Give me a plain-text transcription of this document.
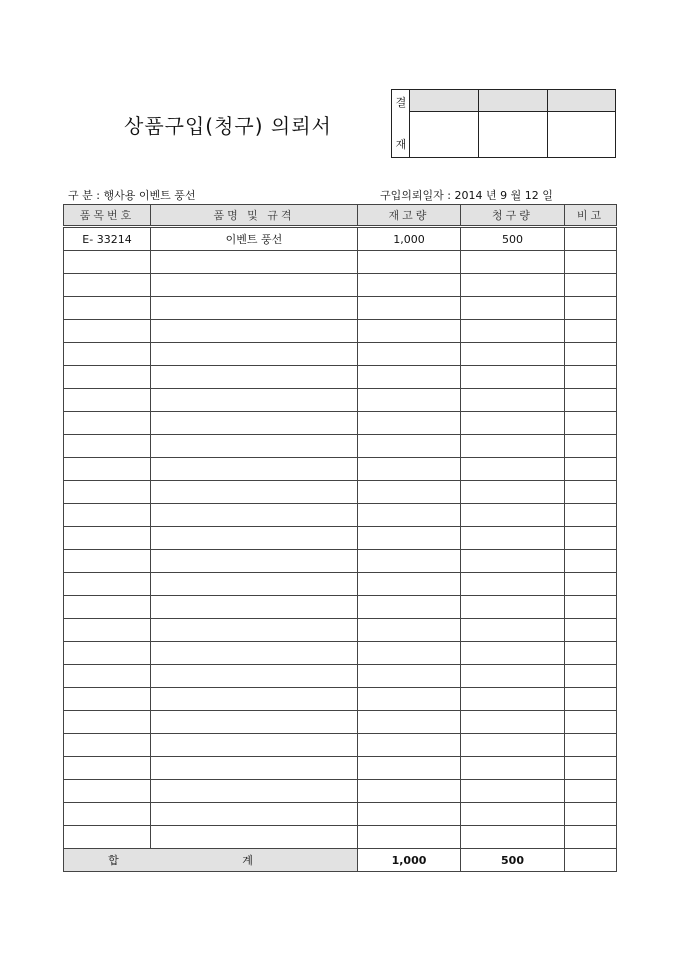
상품구입(청구) 의뢰서
결
재
구 분 : 행사용 이벤트 풍선	구입의뢰일자 : 2014 년 9 월 12 일
품목번호	품명 및 규격	재고량	청구량	비고
E- 33214	이벤트 풍선	1,000	500	

합 계		1,000	500	
